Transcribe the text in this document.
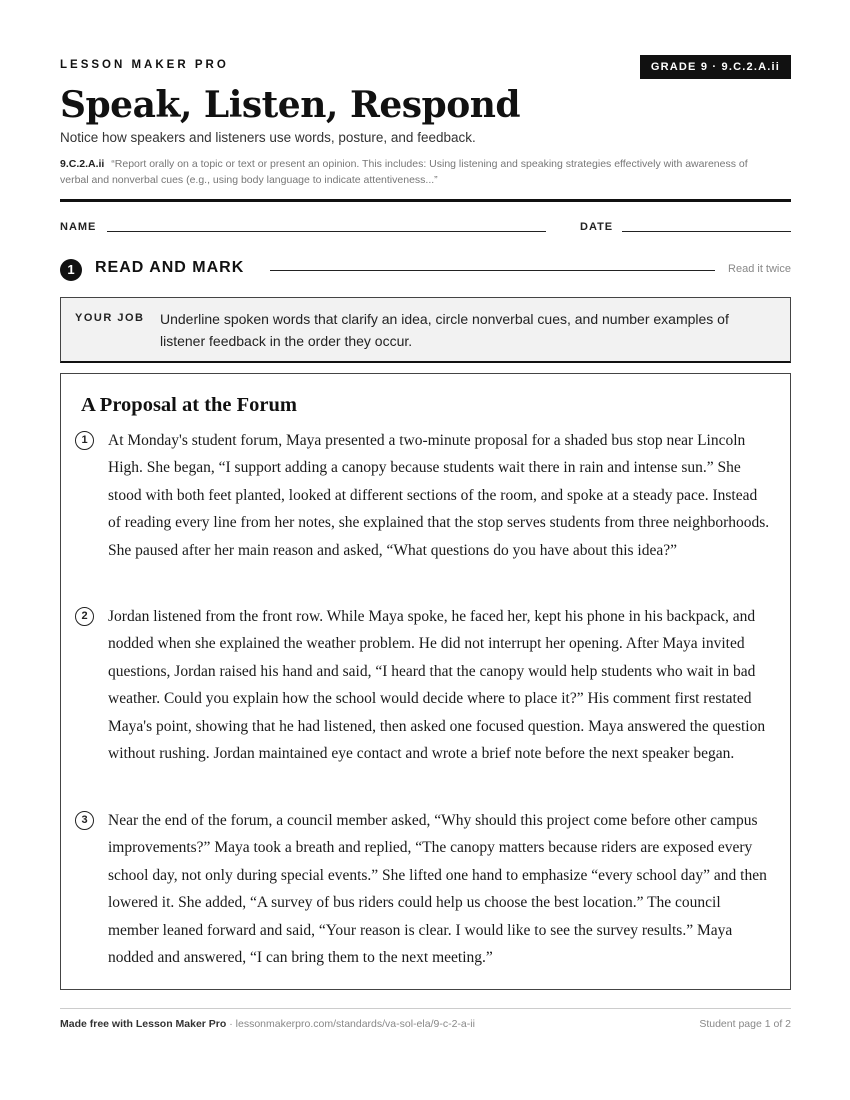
LESSON MAKER PRO	GRADE 9 · 9.C.2.A.ii
Speak, Listen, Respond
Notice how speakers and listeners use words, posture, and feedback.
9.C.2.A.ii “Report orally on a topic or text or present an opinion. This includes: Using listening and speaking strategies effectively with awareness of verbal and nonverbal cues (e.g., using body language to indicate attentiveness...”
NAME	DATE
1	READ AND MARK	Read it twice
YOUR JOB Underline spoken words that clarify an idea, circle nonverbal cues, and number examples of listener feedback in the order they occur.
A Proposal at the Forum
1	At Monday's student forum, Maya presented a two-minute proposal for a shaded bus stop near Lincoln High. She began, “I support adding a canopy because students wait there in rain and intense sun.” She stood with both feet planted, looked at different sections of the room, and spoke at a steady pace. Instead of reading every line from her notes, she explained that the stop serves students from three neighborhoods. She paused after her main reason and asked, “What questions do you have about this idea?”

2	Jordan listened from the front row. While Maya spoke, he faced her, kept his phone in his backpack, and nodded when she explained the weather problem. He did not interrupt her opening. After Maya invited questions, Jordan raised his hand and said, “I heard that the canopy would help students who wait in bad weather. Could you explain how the school would decide where to place it?” His comment first restated Maya's point, showing that he had listened, then asked one focused question. Maya answered the question without rushing. Jordan maintained eye contact and wrote a brief note before the next speaker began.

3	Near the end of the forum, a council member asked, “Why should this project come before other campus improvements?” Maya took a breath and replied, “The canopy matters because riders are exposed every school day, not only during special events.” She lifted one hand to emphasize “every school day” and then lowered it. She added, “A survey of bus riders could help us choose the best location.” The council member leaned forward and said, “Your reason is clear. I would like to see the survey results.” Maya nodded and answered, “I can bring them to the next meeting.”

Made free with Lesson Maker Pro · lessonmakerpro.com/standards/va-sol-ela/9-c-2-a-ii	Student page 1 of 2
